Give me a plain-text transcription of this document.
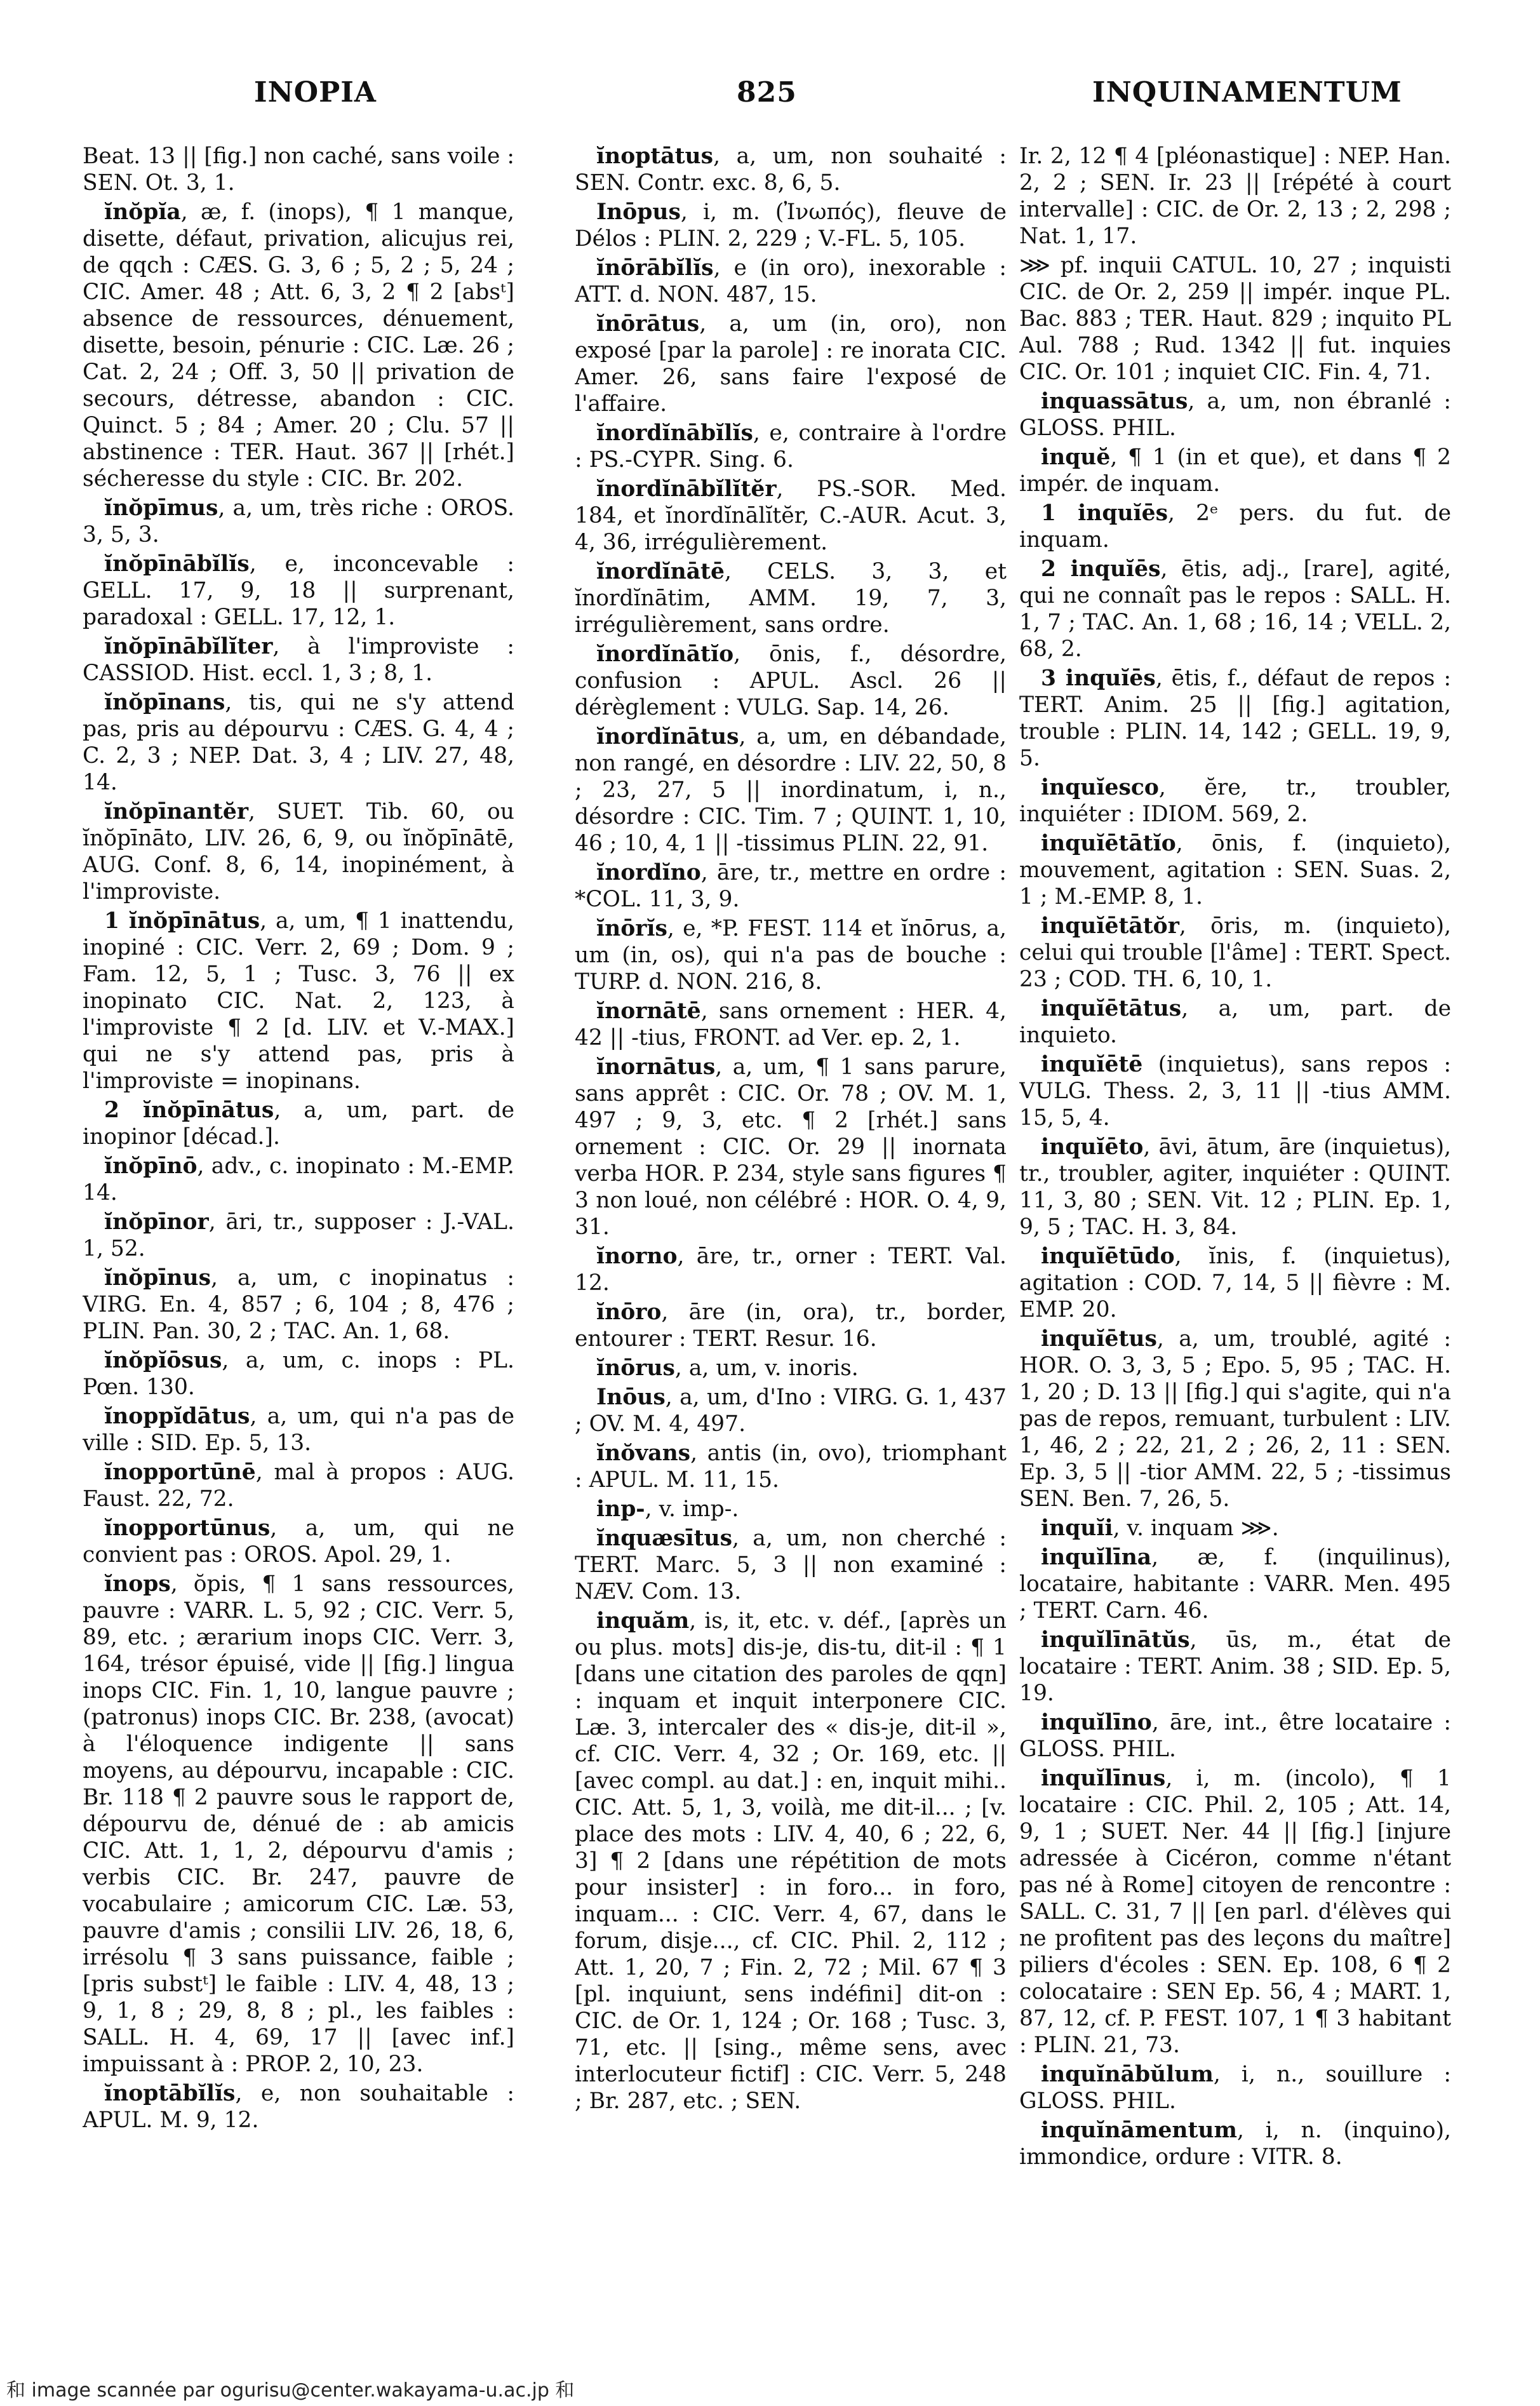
INOPIA	825	INQUINAMENTUM

Beat. 13 || [fig.] non caché, sans voile : SEN. Ot. 3, 1.

ĭnŏpĭa, æ, f. (inops), ¶ 1 manque, disette, défaut, privation, alicujus rei, de qqch : CÆS. G. 3, 6 ; 5, 2 ; 5, 24 ; CIC. Amer. 48 ; Att. 6, 3, 2 ¶ 2 [absᵗ] absence de ressources, dénuement, disette, besoin, pénurie : CIC. Læ. 26 ; Cat. 2, 24 ; Off. 3, 50 || privation de secours, détresse, abandon : CIC. Quinct. 5 ; 84 ; Amer. 20 ; Clu. 57 || abstinence : TER. Haut. 367 || [rhét.] sécheresse du style : CIC. Br. 202.

ĭnŏpīmus, a, um, très riche : OROS. 3, 5, 3.

ĭnŏpīnābĭlĭs, e, inconcevable : GELL. 17, 9, 18 || surprenant, paradoxal : GELL. 17, 12, 1.

ĭnŏpīnābĭlĭter, à l'improviste : CASSIOD. Hist. eccl. 1, 3 ; 8, 1.

ĭnŏpīnans, tis, qui ne s'y attend pas, pris au dépourvu : CÆS. G. 4, 4 ; C. 2, 3 ; NEP. Dat. 3, 4 ; LIV. 27, 48, 14.

ĭnŏpīnantĕr, SUET. Tib. 60, ou ĭnŏpīnāto, LIV. 26, 6, 9, ou ĭnŏpīnātē, AUG. Conf. 8, 6, 14, inopinément, à l'improviste.

1 ĭnŏpīnātus, a, um, ¶ 1 inattendu, inopiné : CIC. Verr. 2, 69 ; Dom. 9 ; Fam. 12, 5, 1 ; Tusc. 3, 76 || ex inopinato CIC. Nat. 2, 123, à l'improviste ¶ 2 [d. LIV. et V.-MAX.] qui ne s'y attend pas, pris à l'improviste = inopinans.

2 ĭnŏpīnātus, a, um, part. de inopinor [décad.].

ĭnŏpīnō, adv., c. inopinato : M.-EMP. 14.

ĭnŏpīnor, āri, tr., supposer : J.-VAL. 1, 52.

ĭnŏpīnus, a, um, c inopinatus : VIRG. En. 4, 857 ; 6, 104 ; 8, 476 ; PLIN. Pan. 30, 2 ; TAC. An. 1, 68.

ĭnŏpĭōsus, a, um, c. inops : PL. Pœn. 130.

ĭnoppĭdātus, a, um, qui n'a pas de ville : SID. Ep. 5, 13.

ĭnopportūnē, mal à propos : AUG. Faust. 22, 72.

ĭnopportūnus, a, um, qui ne convient pas : OROS. Apol. 29, 1.

ĭnops, ŏpis, ¶ 1 sans ressources, pauvre : VARR. L. 5, 92 ; CIC. Verr. 5, 89, etc. ; ærarium inops CIC. Verr. 3, 164, trésor épuisé, vide || [fig.] lingua inops CIC. Fin. 1, 10, langue pauvre ; (patronus) inops CIC. Br. 238, (avocat) à l'éloquence indigente || sans moyens, au dépourvu, incapable : CIC. Br. 118 ¶ 2 pauvre sous le rapport de, dépourvu de, dénué de : ab amicis CIC. Att. 1, 1, 2, dépourvu d'amis ; verbis CIC. Br. 247, pauvre de vocabulaire ; amicorum CIC. Læ. 53, pauvre d'amis ; consilii LIV. 26, 18, 6, irrésolu ¶ 3 sans puissance, faible ; [pris substᵗ] le faible : LIV. 4, 48, 13 ; 9, 1, 8 ; 29, 8, 8 ; pl., les faibles : SALL. H. 4, 69, 17 || [avec inf.] impuissant à : PROP. 2, 10, 23.

ĭnoptābĭlĭs, e, non souhaitable : APUL. M. 9, 12.

ĭnoptātus, a, um, non souhaité : SEN. Contr. exc. 8, 6, 5.

Inōpus, i, m. (Ἰνωπός), fleuve de Délos : PLIN. 2, 229 ; V.-FL. 5, 105.

ĭnōrābĭlĭs, e (in oro), inexorable : ATT. d. NON. 487, 15.

ĭnōrātus, a, um (in, oro), non exposé [par la parole] : re inorata CIC. Amer. 26, sans faire l'exposé de l'affaire.

ĭnordĭnābĭlĭs, e, contraire à l'ordre : PS.-CYPR. Sing. 6.

ĭnordĭnābĭlĭtĕr, PS.-SOR. Med. 184, et ĭnordĭnālĭtĕr, C.-AUR. Acut. 3, 4, 36, irrégulièrement.

ĭnordĭnātē, CELS. 3, 3, et ĭnordĭnātim, AMM. 19, 7, 3, irrégulièrement, sans ordre.

ĭnordĭnātĭo, ōnis, f., désordre, confusion : APUL. Ascl. 26 || dérèglement : VULG. Sap. 14, 26.

ĭnordĭnātus, a, um, en débandade, non rangé, en désordre : LIV. 22, 50, 8 ; 23, 27, 5 || inordinatum, i, n., désordre : CIC. Tim. 7 ; QUINT. 1, 10, 46 ; 10, 4, 1 || -tissimus PLIN. 22, 91.

ĭnordĭno, āre, tr., mettre en ordre : *COL. 11, 3, 9.

ĭnōrĭs, e, *P. FEST. 114 et ĭnōrus, a, um (in, os), qui n'a pas de bouche : TURP. d. NON. 216, 8.

ĭnornātē, sans ornement : HER. 4, 42 || -tius, FRONT. ad Ver. ep. 2, 1.

ĭnornātus, a, um, ¶ 1 sans parure, sans apprêt : CIC. Or. 78 ; OV. M. 1, 497 ; 9, 3, etc. ¶ 2 [rhét.] sans ornement : CIC. Or. 29 || inornata verba HOR. P. 234, style sans figures ¶ 3 non loué, non célébré : HOR. O. 4, 9, 31.

ĭnorno, āre, tr., orner : TERT. Val. 12.

ĭnōro, āre (in, ora), tr., border, entourer : TERT. Resur. 16.

ĭnōrus, a, um, v. inoris.

Inōus, a, um, d'Ino : VIRG. G. 1, 437 ; OV. M. 4, 497.

ĭnŏvans, antis (in, ovo), triomphant : APUL. M. 11, 15.

inp-, v. imp-.

ĭnquæsītus, a, um, non cherché : TERT. Marc. 5, 3 || non examiné : NÆV. Com. 13.

inquăm, is, it, etc. v. déf., [après un ou plus. mots] dis-je, dis-tu, dit-il : ¶ 1 [dans une citation des paroles de qqn] : inquam et inquit interponere CIC. Læ. 3, intercaler des « dis-je, dit-il », cf. CIC. Verr. 4, 32 ; Or. 169, etc. || [avec compl. au dat.] : en, inquit mihi.. CIC. Att. 5, 1, 3, voilà, me dit-il... ; [v. place des mots : LIV. 4, 40, 6 ; 22, 6, 3] ¶ 2 [dans une répétition de mots pour insister] : in foro... in foro, inquam... : CIC. Verr. 4, 67, dans le forum, disje..., cf. CIC. Phil. 2, 112 ; Att. 1, 20, 7 ; Fin. 2, 72 ; Mil. 67 ¶ 3 [pl. inquiunt, sens indéfini] dit-on : CIC. de Or. 1, 124 ; Or. 168 ; Tusc. 3, 71, etc. || [sing., même sens, avec interlocuteur fictif] : CIC. Verr. 5, 248 ; Br. 287, etc. ; SEN.

Ir. 2, 12 ¶ 4 [pléonastique] : NEP. Han. 2, 2 ; SEN. Ir. 23 || [répété à court intervalle] : CIC. de Or. 2, 13 ; 2, 298 ; Nat. 1, 17.

⋙ pf. inquii CATUL. 10, 27 ; inquisti CIC. de Or. 2, 259 || impér. inque PL. Bac. 883 ; TER. Haut. 829 ; inquito PL Aul. 788 ; Rud. 1342 || fut. inquies CIC. Or. 101 ; inquiet CIC. Fin. 4, 71.

inquassātus, a, um, non ébranlé : GLOSS. PHIL.

inquĕ, ¶ 1 (in et que), et dans ¶ 2 impér. de inquam.

1 inquĭēs, 2ᵉ pers. du fut. de inquam.

2 inquĭēs, ētis, adj., [rare], agité, qui ne connaît pas le repos : SALL. H. 1, 7 ; TAC. An. 1, 68 ; 16, 14 ; VELL. 2, 68, 2.

3 inquĭēs, ētis, f., défaut de repos : TERT. Anim. 25 || [fig.] agitation, trouble : PLIN. 14, 142 ; GELL. 19, 9, 5.

inquĭesco, ĕre, tr., troubler, inquiéter : IDIOM. 569, 2.

inquĭētātĭo, ōnis, f. (inquieto), mouvement, agitation : SEN. Suas. 2, 1 ; M.-EMP. 8, 1.

inquĭētātŏr, ōris, m. (inquieto), celui qui trouble [l'âme] : TERT. Spect. 23 ; COD. TH. 6, 10, 1.

inquĭētātus, a, um, part. de inquieto.

inquĭētē (inquietus), sans repos : VULG. Thess. 2, 3, 11 || -tius AMM. 15, 5, 4.

inquĭēto, āvi, ātum, āre (inquietus), tr., troubler, agiter, inquiéter : QUINT. 11, 3, 80 ; SEN. Vit. 12 ; PLIN. Ep. 1, 9, 5 ; TAC. H. 3, 84.

inquĭētūdo, ĭnis, f. (inquietus), agitation : COD. 7, 14, 5 || fièvre : M. EMP. 20.

inquĭētus, a, um, troublé, agité : HOR. O. 3, 3, 5 ; Epo. 5, 95 ; TAC. H. 1, 20 ; D. 13 || [fig.] qui s'agite, qui n'a pas de repos, remuant, turbulent : LIV. 1, 46, 2 ; 22, 21, 2 ; 26, 2, 11 : SEN. Ep. 3, 5 || -tior AMM. 22, 5 ; -tissimus SEN. Ben. 7, 26, 5.

inquĭi, v. inquam ⋙.

inquĭlīna, æ, f. (inquilinus), locataire, habitante : VARR. Men. 495 ; TERT. Carn. 46.

inquĭlīnātŭs, ūs, m., état de locataire : TERT. Anim. 38 ; SID. Ep. 5, 19.

inquĭlīno, āre, int., être locataire : GLOSS. PHIL.

inquĭlīnus, i, m. (incolo), ¶ 1 locataire : CIC. Phil. 2, 105 ; Att. 14, 9, 1 ; SUET. Ner. 44 || [fig.] [injure adressée à Cicéron, comme n'étant pas né à Rome] citoyen de rencontre : SALL. C. 31, 7 || [en parl. d'élèves qui ne profitent pas des leçons du maître] piliers d'écoles : SEN. Ep. 108, 6 ¶ 2 colocataire : SEN Ep. 56, 4 ; MART. 1, 87, 12, cf. P. FEST. 107, 1 ¶ 3 habitant : PLIN. 21, 73.

inquĭnābŭlum, i, n., souillure : GLOSS. PHIL.

inquĭnāmentum, i, n. (inquino), immondice, ordure : VITR. 8.

和 image scannée par ogurisu@center.wakayama-u.ac.jp 和
